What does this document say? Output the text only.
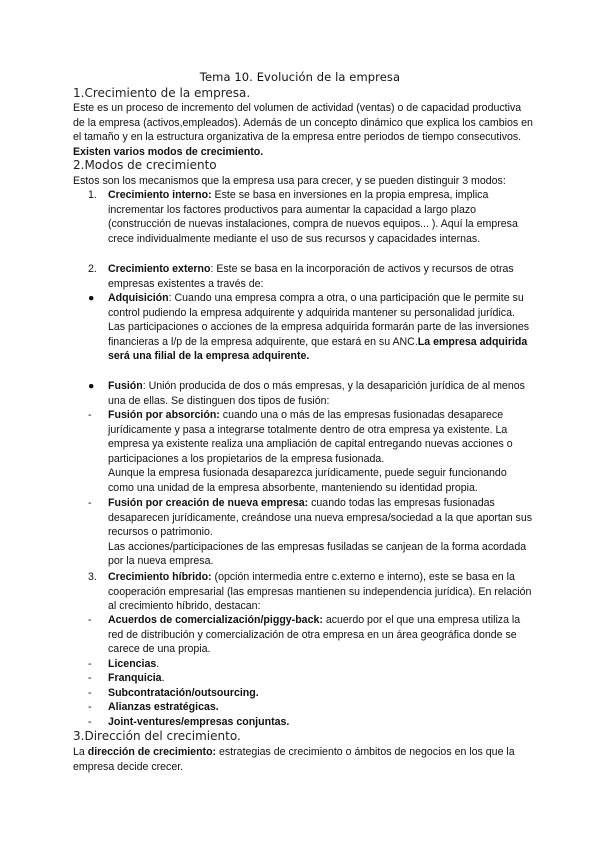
Tema 10. Evolución de la empresa
1.Crecimiento de la empresa.
Este es un proceso de incremento del volumen de actividad (ventas) o de capacidad productiva de la empresa (activos,empleados). Además de un concepto dinámico que explica los cambios en el tamaño y en la estructura organizativa de la empresa entre periodos de tiempo consecutivos. Existen varios modos de crecimiento.
2.Modos de crecimiento
Estos son los mecanismos que la empresa usa para crecer, y se pueden distinguir 3 modos:
1. Crecimiento interno: Este se basa en inversiones en la propia empresa, implica incrementar los factores productivos para aumentar la capacidad a largo plazo (construcción de nuevas instalaciones, compra de nuevos equipos... ). Aquí la empresa crece individualmente mediante el uso de sus recursos y capacidades internas.
2. Crecimiento externo: Este se basa en la incorporación de activos y recursos de otras empresas existentes a través de:
● Adquisición: Cuando una empresa compra a otra, o una participación que le permite su control pudiendo la empresa adquirente y adquirida mantener su personalidad jurídica. Las participaciones o acciones de la empresa adquirida formarán parte de las inversiones financieras a l/p de la empresa adquirente, que estará en su ANC.La empresa adquirida será una filial de la empresa adquirente.
● Fusión: Unión producida de dos o más empresas, y la desaparición jurídica de al menos una de ellas. Se distinguen dos tipos de fusión:
- Fusión por absorción: cuando una o más de las empresas fusionadas desaparece jurídicamente y pasa a integrarse totalmente dentro de otra empresa ya existente. La empresa ya existente realiza una ampliación de capital entregando nuevas acciones o participaciones a los propietarios de la empresa fusionada.
Aunque la empresa fusionada desaparezca jurídicamente, puede seguir funcionando como una unidad de la empresa absorbente, manteniendo su identidad propia.
- Fusión por creación de nueva empresa: cuando todas las empresas fusionadas desaparecen jurídicamente, creándose una nueva empresa/sociedad a la que aportan sus recursos o patrimonio.
Las acciones/participaciones de las empresas fusiladas se canjean de la forma acordada por la nueva empresa.
3. Crecimiento híbrido: (opción intermedia entre c.externo e interno), este se basa en la cooperación empresarial (las empresas mantienen su independencia jurídica). En relación al crecimiento híbrido, destacan:
- Acuerdos de comercialización/piggy-back: acuerdo por el que una empresa utiliza la red de distribución y comercialización de otra empresa en un área geográfica donde se carece de una propia.
- Licencias.
- Franquicia.
- Subcontratación/outsourcing.
- Alianzas estratégicas.
- Joint-ventures/empresas conjuntas.
3.Dirección del crecimiento.
La dirección de crecimiento: estrategias de crecimiento o ámbitos de negocios en los que la empresa decide crecer.
